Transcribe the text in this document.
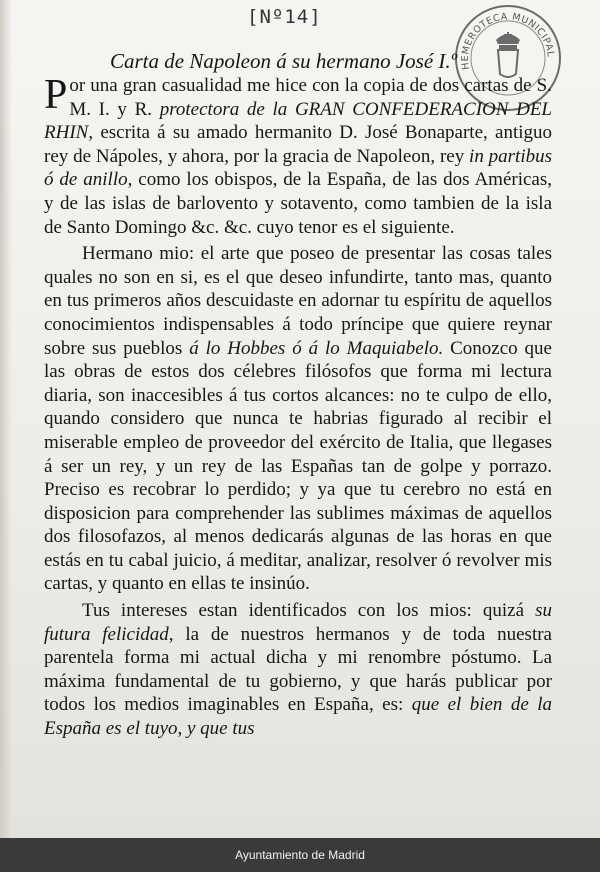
[Nº14]
HEMEROTECA MUNICIPAL
Carta de Napoleon á su hermano José I.º

Por una gran casualidad me hice con la copia de dos cartas de S. M. I. y R. protectora de la GRAN CONFEDERACION DEL RHIN, escrita á su amado hermanito D. José Bonaparte, antiguo rey de Nápoles, y ahora, por la gracia de Napoleon, rey in partibus ó de anillo, como los obispos, de la España, de las dos Américas, y de las islas de barlovento y sotavento, como tambien de la isla de Santo Domingo &c. &c. cuyo tenor es el siguiente.

Hermano mio: el arte que poseo de presentar las cosas tales quales no son en si, es el que deseo infundirte, tanto mas, quanto en tus primeros años descuidaste en adornar tu espíritu de aquellos conocimientos indispensables á todo príncipe que quiere reynar sobre sus pueblos á lo Hobbes ó á lo Maquiabelo. Conozco que las obras de estos dos célebres filósofos que forma mi lectura diaria, son inaccesibles á tus cortos alcances: no te culpo de ello, quando considero que nunca te habrias figurado al recibir el miserable empleo de proveedor del exército de Italia, que llegases á ser un rey, y un rey de las Españas tan de golpe y porrazo. Preciso es recobrar lo perdido; y ya que tu cerebro no está en disposicion para comprehender las sublimes máximas de aquellos dos filosofazos, al menos dedicarás algunas de las horas en que estás en tu cabal juicio, á meditar, analizar, resolver ó revolver mis cartas, y quanto en ellas te insinúo.

Tus intereses estan identificados con los mios: quizá su futura felicidad, la de nuestros hermanos y de toda nuestra parentela forma mi actual dicha y mi renombre póstumo. La máxima fundamental de tu gobierno, y que harás publicar por todos los medios imaginables en España, es: que el bien de la España es el tuyo, y que tus

Ayuntamiento de Madrid
